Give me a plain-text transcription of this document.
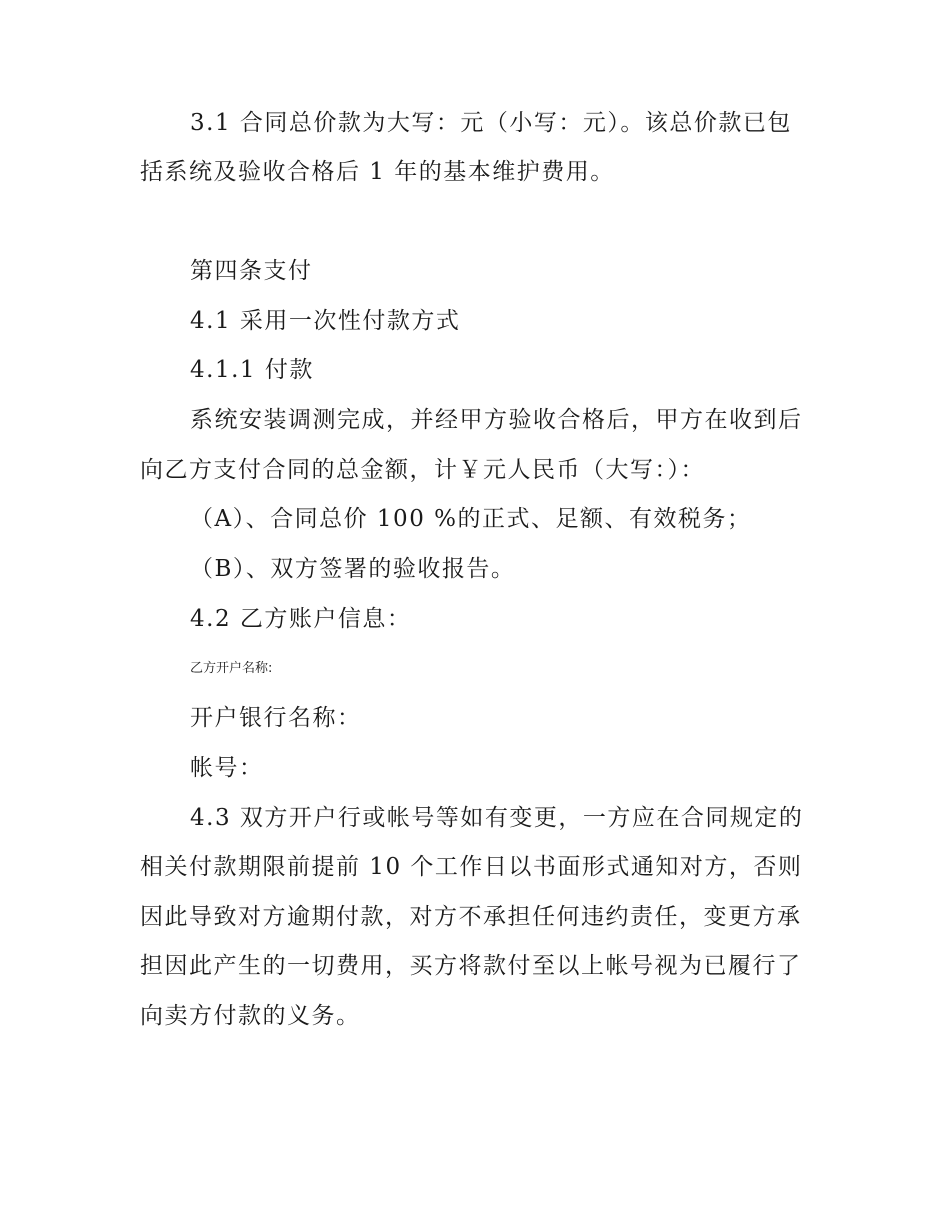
3.1 合同总价款为大写：元（小写：元）。该总价款已包
括系统及验收合格后 1 年的基本维护费用。
第四条支付
4.1 采用一次性付款方式
4.1.1 付款
系统安装调测完成，并经甲方验收合格后，甲方在收到后
向乙方支付合同的总金额，计￥元人民币（大写：）：
（A）、合同总价 100 %的正式、足额、有效税务；
（B）、双方签署的验收报告。
4.2 乙方账户信息：
乙方开户名称:
开户银行名称：
帐号：
4.3 双方开户行或帐号等如有变更，一方应在合同规定的
相关付款期限前提前 10 个工作日以书面形式通知对方，否则
因此导致对方逾期付款，对方不承担任何违约责任，变更方承
担因此产生的一切费用，买方将款付至以上帐号视为已履行了
向卖方付款的义务。
